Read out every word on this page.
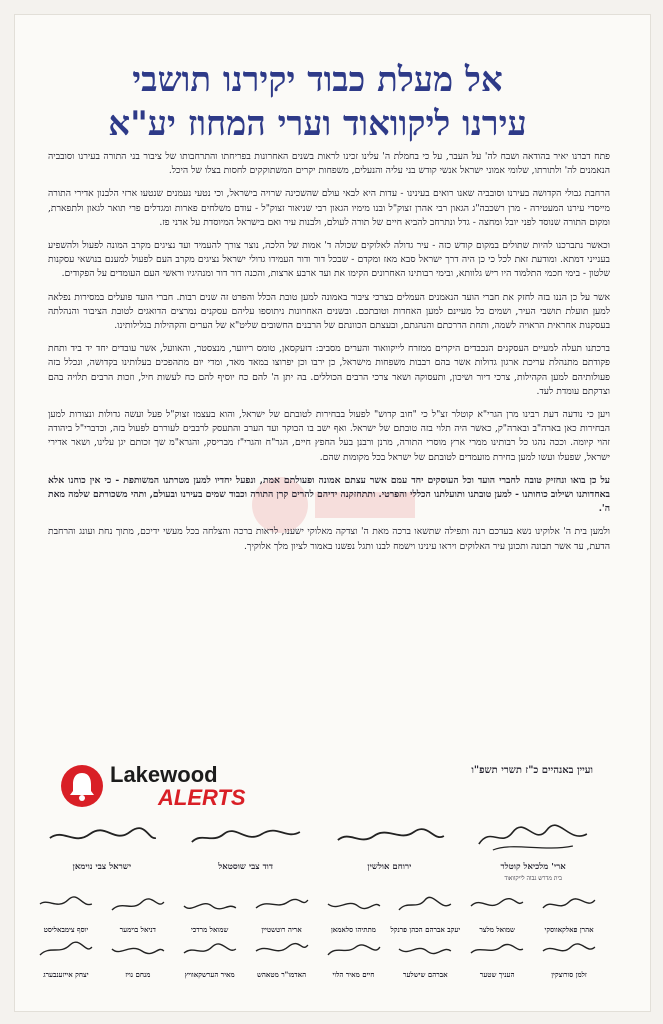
אל מעלת כבוד יקירנו תושבי
עירנו ליקוואוד וערי המחוז יע"א

פתח דברנו יאיר בהודאה ושבח לה' על העבר, על כי בחמלת ה' עלינו זכינו לראות בשנים האחרונות בפריחתו והתרחבותו של ציבור בני התורה בעירנו וסובביה הנאמנים לה' ולתורתו, שלומי אמוני ישראל אנשי קודש בני עליה והנעלים, משפחות יקרים המשתוקקים לחסות בצלו של היכל.

הרחבת גבולי הקדושה בעירנו וסובביה שאנו רואים בעינינו - עדות היא לבאי עולם שהשכינה שרויה בישראל, וכי נטעי נעמנים שנטעו ארזי הלבנון אדירי התורה מייסדי עירנו המעטירה - מרן רשכבה"ג הגאון רבי אהרן זצוק"ל ובנו מימיו הגאון רבי שניאור זצוק"ל - עודם משלחים פארות ומגדלים פרי תואר לגאון ולתפארת, ומקום התורה שנוסד לפני יובל ומחצה - גדל ונתרחב להביא חיים של תורה לעולם, ולבנות עיר ואם בישראל המיוסדת על אדני פז.

וכאשר נתברכנו להיות שתולים במקום קודש כזה - עיר גדולה לאלוקים שכולה ד' אמות של הלכה, נוצר צורך להעמיד ועד נציגים מקרב המונה לפעול ולהשפיע בענייני דמתא. ומודעת זאת לכל כי כן היה דרך ישראל סבא מאז ומקדם - שבכל דור ודור העמידו גדולי ישראל נציגים מקרב העם לפעול למענם בנושאי עסקנות שלטון - בימי חכמי התלמוד היו ריש גלוותא, ובימי רבותינו האחרונים הקימו את ועד ארבע ארצות, והכנה דור דור ומנהיגיו וראשי העם העומדים על הפקודים.

אשר על כן הננו בזה לחזק את חברי הועד הנאמנים העמלים בצרכי ציבור באמונה למען טובת הכלל והפרט זה שנים רבות. חברי הועד פועלים במסירות נפלאה למען תועלת תושבי העיר, ושמים כל מעיינם למען האחדות וטובתכם. ובשנים האחרונות ניתוספו עליהם עסקנים נמרצים הדואגים לטובת הציבור והנהלתה בעסקנות אחראית הראויה לשמה, ותחת הדרכתם והנהגתם, ובעצתם הכוונתם של הרבנים החשובים שליט"א של הערים והקהילות בגלילותינו.

ברכתנו תעלה למעיים העסקנים הנכבדים היקרים ממזרח לייקוואוד והערים מסביב: דזעקסאן, טומס ריווער, מנצסטר, והאוועל, אשר עובדים יחד יד ביד ותחת פקודתם מתנהלת עריכת ארגון גדולות אשר בהם רבבות משפחות מישראל, כן ירבו וכן יפרוצו במאד מאד, ומדי יום מתהפכים בעלותינו בקדושה, ונכלל בזה פעולותיהם למען הקהילות, צרכי דיור ושיכון, ותעסוקה ושאר צרכי הרבים הכוללים. בה יתן ה' להם כח יוסיף להם כח לעשות חיל, וזכות הרבים תלויה בהם וצדקתם עומדת לעד.

ויען כי נודעה דעת רבינו מרן הגרי"א קוטלר זצ"ל כי "חוב קדוש" לפעול בבחירות לטובתם של ישראל, והוא בעצמו זצוק"ל פעל ועשה גדולות ונצורות למען הבחירות כאן בארה"ב ובארה"ק, כאשר היה תלוי בזה טובתם של ישראל. ואף ישב בו הבוקר ועד הערב והתעסק לרבבים לעוררם לפעול בזה, וכדברי"ל ביהודה זהוי קיומה. וככה נהגו כל רבותינו ממרי ארץ מוסרי התורה, מרנן ורבנן בעל החפץ חיים, הגר"ח והגרי"ז מבריסק, והגרא"מ שך זכותם יגן עלינו, ושאר אדירי ישראל, שפעלו ועשו למען בחירת מועמדים לטובתם של ישראל בכל מקומות שהם.

על כן בואו ונחזיק טובה לחברי הועד וכל העוסקים יחד עמם אשר עצתם אמונה ופעולתם אמת, ונפעל יחדיו למען מטרתנו המשותפת - כי אין כוחנו אלא באחדותנו ושילוב כוחותנו - למען טובתנו ותועלתנו הכללי והפרטי. ותתחזקנה ידיהם להרים קרן התורה וכבוד שמים בעירנו ובעולם, ותהי משכורתם שלמה מאת ה'.

ולמען בית ה' אלוקינו נשא בעדכם רנה ותפילה שתשאו ברכה מאת ה' וצדקה מאלוקי ישענו, לראות ברכה והצלחה בכל מעשי ידיכם, מתוך נחת ועונג והרחבת הדעת, עד אשר תבונה ותכונן עיר האלוקים ויראו עינינו וישמח לבנו ותגל נפשנו באמור לציון מלך אלוקיך.

ועיין באנהיים כ"ז תשרי תשפ"ו
Lakewood
ALERTS
ארי' מלכיאל קוטלר
בית מדרש גבוה לייקוואוד
ירוחם אולשין
דוד צבי שוסטאל
ישראל צבי נוימאן
אהרן פאלקאווסקי
שמואל מלצר
יעקב אברהם הכהן פרנקל
מתתיהו סלאמאן
אריה רוטשטיין
שמואל מרדכי
דניאל בוימער
יוסף צימבאליסט
זלמן סורוצקין
העניך שטער
אברהם שישלער
חיים מאיר הלוי
האדמו"ר מטאהש
מאיר הערשקאוויץ
מנחם נויז
יצחק אייזענבערג
